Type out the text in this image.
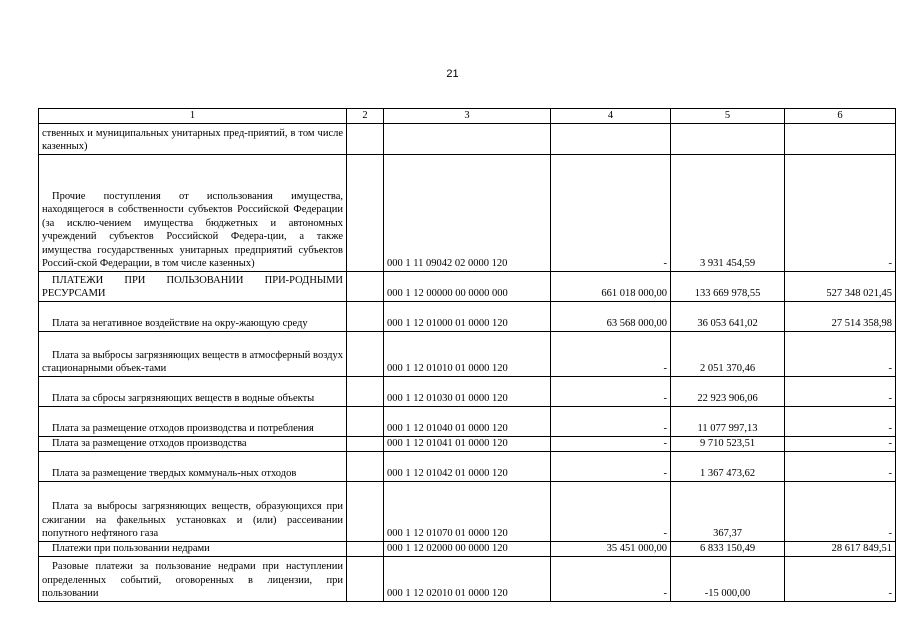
21
1	2	3	4	5	6
ственных и муниципальных унитарных пред-приятий, в том числе казенных)					

Прочие поступления от использования имущества, находящегося в собственности субъектов Российской Федерации (за исклю-чением имущества бюджетных и автономных учреждений субъектов Российской Федера-ции, а также имущества государственных унитарных предприятий субъектов Россий-ской Федерации, в том числе казенных)		000 1 11 09042 02 0000 120	-	3 931 454,59	-

ПЛАТЕЖИ ПРИ ПОЛЬЗОВАНИИ ПРИ-РОДНЫМИ РЕСУРСАМИ		000 1 12 00000 00 0000 000	661 018 000,00	133 669 978,55	527 348 021,45

Плата за негативное воздействие на окру-жающую среду		000 1 12 01000 01 0000 120	63 568 000,00	36 053 641,02	27 514 358,98

Плата за выбросы загрязняющих веществ в атмосферный воздух стационарными объек-тами		000 1 12 01010 01 0000 120	-	2 051 370,46	-

Плата за сбросы загрязняющих веществ в водные объекты		000 1 12 01030 01 0000 120	-	22 923 906,06	-

Плата за размещение отходов производства и потребления		000 1 12 01040 01 0000 120	-	11 077 997,13	-

Плата за размещение отходов производства		000 1 12 01041 01 0000 120	-	9 710 523,51	-

Плата за размещение твердых коммуналь-ных отходов		000 1 12 01042 01 0000 120	-	1 367 473,62	-

Плата за выбросы загрязняющих веществ, образующихся при сжигании на факельных установках и (или) рассеивании попутного нефтяного газа		000 1 12 01070 01 0000 120	-	367,37	-

Платежи при пользовании недрами		000 1 12 02000 00 0000 120	35 451 000,00	6 833 150,49	28 617 849,51

Разовые платежи за пользование недрами при наступлении определенных событий, оговоренных в лицензии, при пользовании		000 1 12 02010 01 0000 120	-	-15 000,00	-
